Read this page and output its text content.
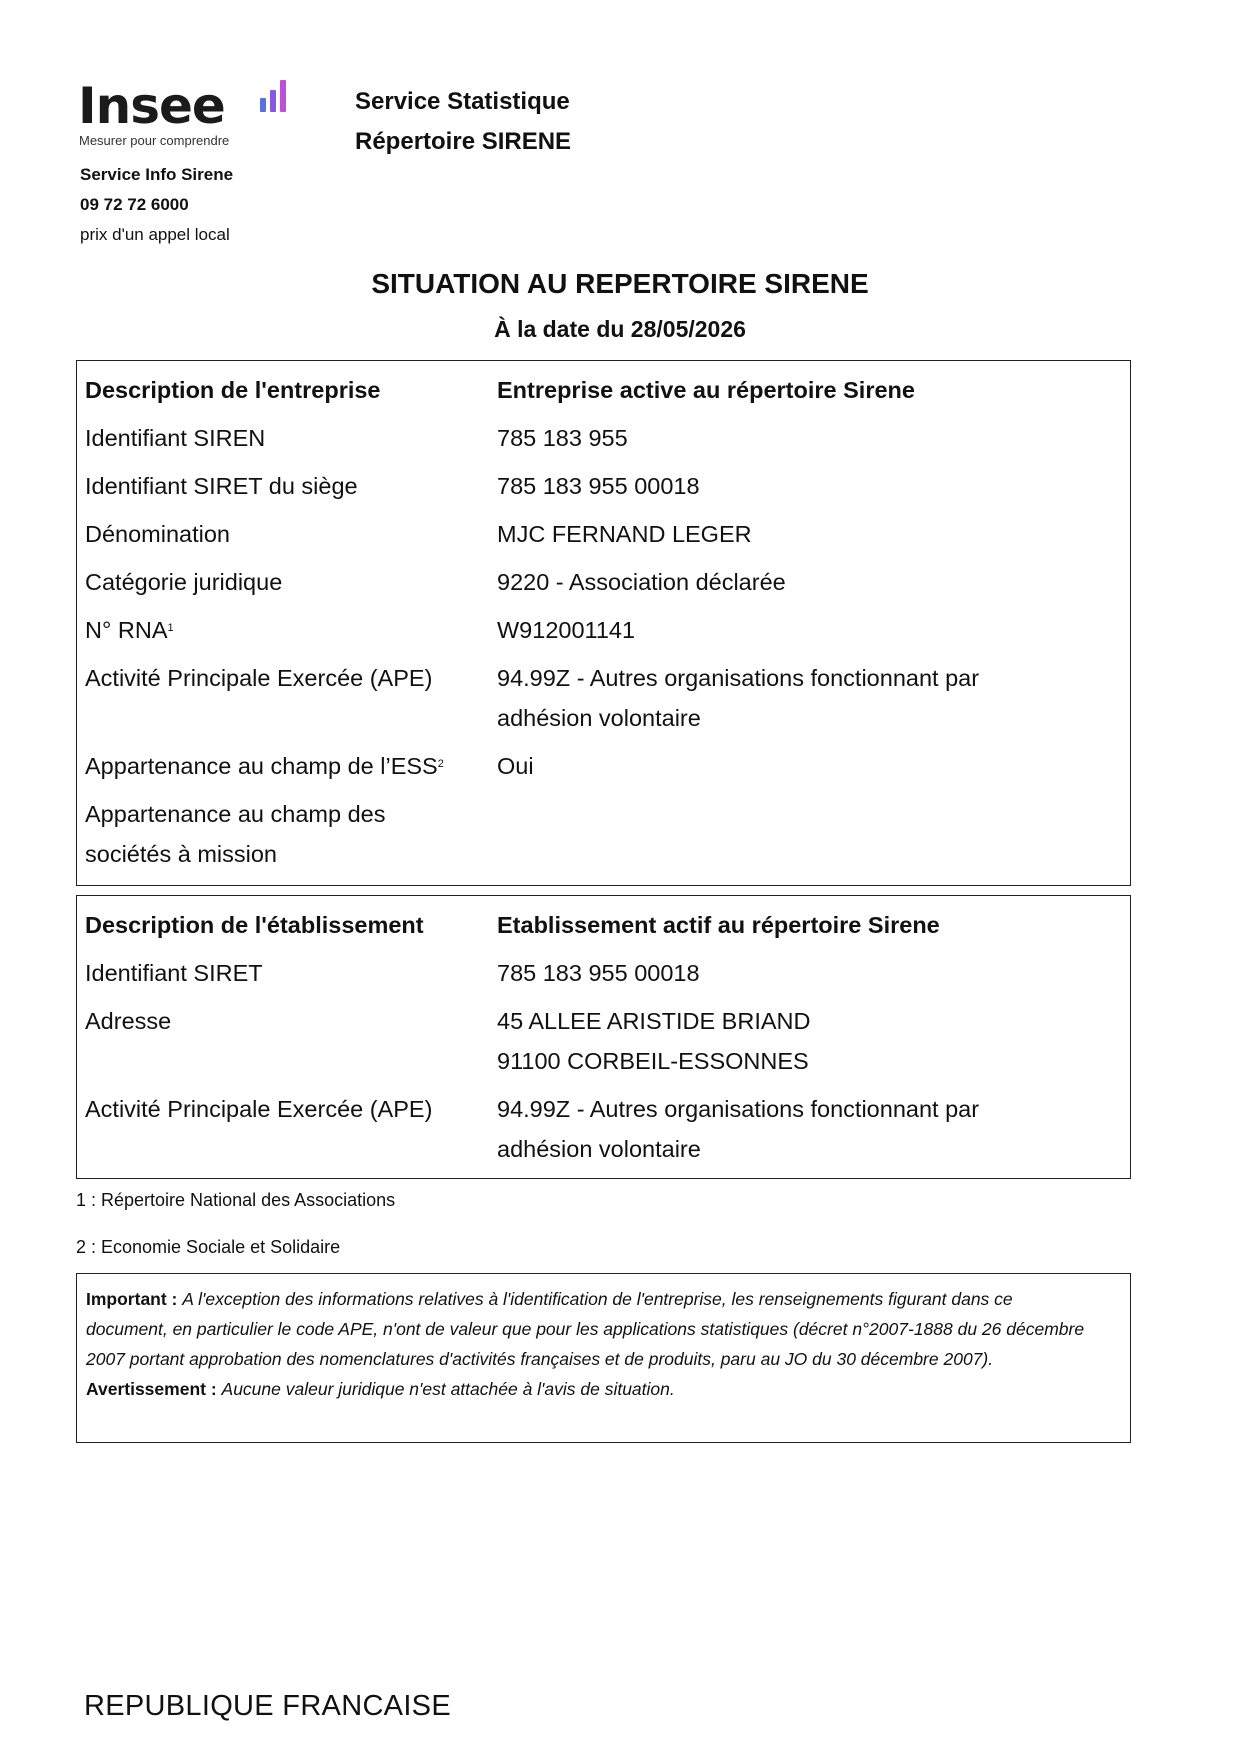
Insee
Mesurer pour comprendre
Service Statistique
Répertoire SIRENE
Service Info Sirene
09 72 72 6000
prix d'un appel local
SITUATION AU REPERTOIRE SIRENE
À la date du 28/05/2026
Description de l'entreprise	Entreprise active au répertoire Sirene
Identifiant SIREN	785 183 955
Identifiant SIRET du siège	785 183 955 00018
Dénomination	MJC FERNAND LEGER
Catégorie juridique	9220 - Association déclarée
N° RNA$^1$	W912001141
Activité Principale Exercée (APE)	94.99Z - Autres organisations fonctionnant par
adhésion volontaire
Appartenance au champ de l’ESS$^2$	Oui
Appartenance au champ des
sociétés à mission
Description de l'établissement	Etablissement actif au répertoire Sirene
Identifiant SIRET	785 183 955 00018
Adresse	45 ALLEE ARISTIDE BRIAND
91100 CORBEIL-ESSONNES
Activité Principale Exercée (APE)	94.99Z - Autres organisations fonctionnant par
adhésion volontaire
1 : Répertoire National des Associations
2 : Economie Sociale et Solidaire
Important : A l'exception des informations relatives à l'identification de l'entreprise, les renseignements figurant dans ce document, en particulier le code APE, n'ont de valeur que pour les applications statistiques (décret n°2007-1888 du 26 décembre 2007 portant approbation des nomenclatures d'activités françaises et de produits, paru au JO du 30 décembre 2007).
Avertissement : Aucune valeur juridique n'est attachée à l'avis de situation.
REPUBLIQUE FRANCAISE
